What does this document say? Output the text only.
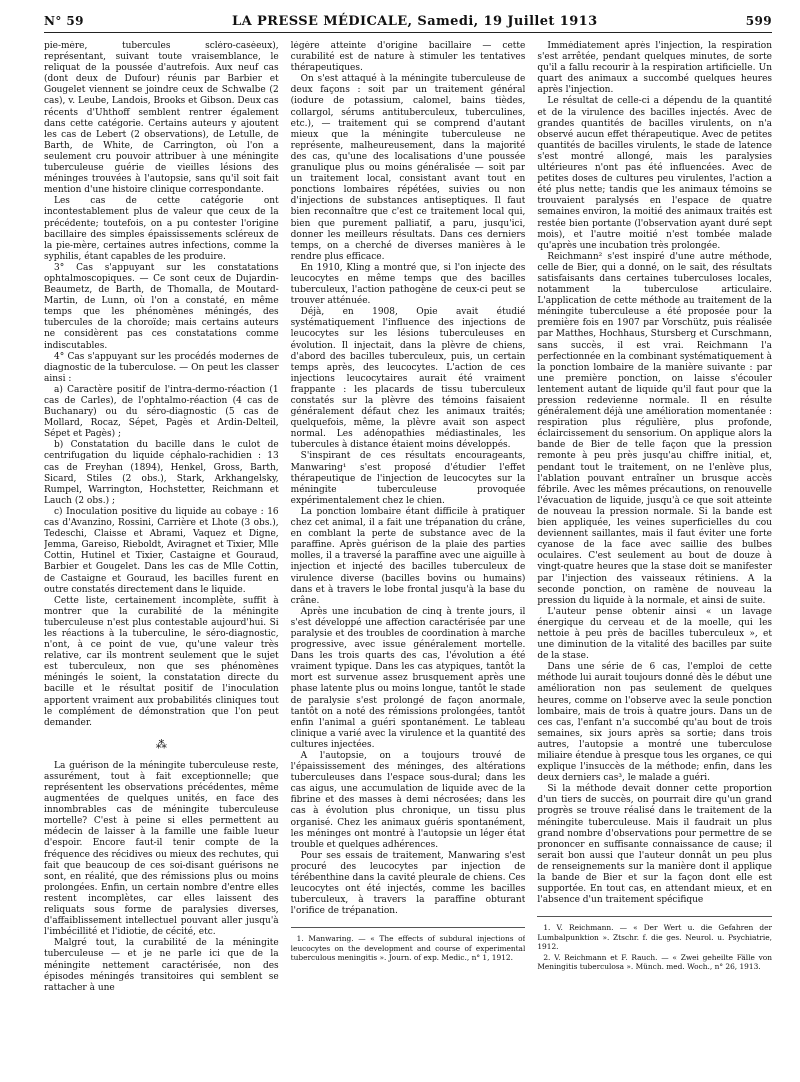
N° 59	LA PRESSE MÉDICALE, Samedi, 19 Juillet 1913	599

pie-mère, tubercules scléro-caséeux), représentant, suivant toute vraisemblance, le reliquat de la poussée d'autrefois. Aux neuf cas (dont deux de Dufour) réunis par Barbier et Gougelet viennent se joindre ceux de Schwalbe (2 cas), v. Leube, Landois, Brooks et Gibson. Deux cas récents d'Uhthoff semblent rentrer également dans cette catégorie. Certains auteurs y ajoutent les cas de Lebert (2 observations), de Letulle, de Barth, de White, de Carrington, où l'on a seulement cru pouvoir attribuer à une méningite tuberculeuse guérie de vieilles lésions des méninges trouvées à l'autopsie, sans qu'il soit fait mention d'une histoire clinique correspondante.

Les cas de cette catégorie ont incontestablement plus de valeur que ceux de la précédente; toutefois, on a pu contester l'origine bacillaire des simples épaississements scléreux de la pie-mère, certaines autres infections, comme la syphilis, étant capables de les produire.

3° Cas s'appuyant sur les constatations ophtalmoscopiques. — Ce sont ceux de Dujardin-Beaumetz, de Barth, de Thomalla, de Moutard-Martin, de Lunn, où l'on a constaté, en même temps que les phénomènes méningés, des tubercules de la choroïde; mais certains auteurs ne considèrent pas ces constatations comme indiscutables.

4° Cas s'appuyant sur les procédés modernes de diagnostic de la tuberculose. — On peut les classer ainsi :

a) Caractère positif de l'intra-dermo-réaction (1 cas de Carles), de l'ophtalmo-réaction (4 cas de Buchanary) ou du séro-diagnostic (5 cas de Mollard, Rocaz, Sépet, Pagès et Ardin-Delteil, Sépet et Pagès) ;

b) Constatation du bacille dans le culot de centrifugation du liquide céphalo-rachidien : 13 cas de Freyhan (1894), Henkel, Gross, Barth, Sicard, Stiles (2 obs.), Stark, Arkhangelsky, Rumpel, Warrington, Hochstetter, Reichmann et Lauch (2 obs.) ;

c) Inoculation positive du liquide au cobaye : 16 cas d'Avanzino, Rossini, Carrière et Lhote (3 obs.), Tedeschi, Claisse et Abrami, Vaquez et Digne, Jemma, Gareiso, Rieboldt, Aviragnet et Tixier, Mlle Cottin, Hutinel et Tixier, Castaigne et Gouraud, Barbier et Gougelet. Dans les cas de Mlle Cottin, de Castaigne et Gouraud, les bacilles furent en outre constatés directement dans le liquide.

Cette liste, certainement incomplète, suffit à montrer que la curabilité de la méningite tuberculeuse n'est plus contestable aujourd'hui. Si les réactions à la tuberculine, le séro-diagnostic, n'ont, à ce point de vue, qu'une valeur très relative, car ils montrent seulement que le sujet est tuberculeux, non que ses phénomènes méningés le soient, la constatation directe du bacille et le résultat positif de l'inoculation apportent vraiment aux probabilités cliniques tout le complément de démonstration que l'on peut demander.

⁂

La guérison de la méningite tuberculeuse reste, assurément, tout à fait exceptionnelle; que représentent les observations précédentes, même augmentées de quelques unités, en face des innombrables cas de méningite tuberculeuse mortelle? C'est à peine si elles permettent au médecin de laisser à la famille une faible lueur d'espoir. Encore faut-il tenir compte de la fréquence des récidives ou mieux des rechutes, qui fait que beaucoup de ces soi-disant guérisons ne sont, en réalité, que des rémissions plus ou moins prolongées. Enfin, un certain nombre d'entre elles restent incomplètes, car elles laissent des reliquats sous forme de paralysies diverses, d'affaiblissement intellectuel pouvant aller jusqu'à l'imbécillité et l'idiotie, de cécité, etc.

Malgré tout, la curabilité de la méningite tuberculeuse — et je ne parle ici que de la méningite nettement caractérisée, non des épisodes méningés transitoires qui semblent se rattacher à une

légère atteinte d'origine bacillaire — cette curabilité est de nature à stimuler les tentatives thérapeutiques.

On s'est attaqué à la méningite tuberculeuse de deux façons : soit par un traitement général (iodure de potassium, calomel, bains tièdes, collargol, sérums antituberculeux, tuberculines, etc.), — traitement qui se comprend d'autant mieux que la méningite tuberculeuse ne représente, malheureusement, dans la majorité des cas, qu'une des localisations d'une poussée granulique plus ou moins généralisée — soit par un traitement local, consistant avant tout en ponctions lombaires répétées, suivies ou non d'injections de substances antiseptiques. Il faut bien reconnaître que c'est ce traitement local qui, bien que purement palliatif, a paru, jusqu'ici, donner les meilleurs résultats. Dans ces derniers temps, on a cherché de diverses manières à le rendre plus efficace.

En 1910, Kling a montré que, si l'on injecte des leucocytes en même temps que des bacilles tuberculeux, l'action pathogène de ceux-ci peut se trouver atténuée.

Déjà, en 1908, Opie avait étudié systématiquement l'influence des injections de leucocytes sur les lésions tuberculeuses en évolution. Il injectait, dans la plèvre de chiens, d'abord des bacilles tuberculeux, puis, un certain temps après, des leucocytes. L'action de ces injections leucocytaires aurait été vraiment frappante : les placards de tissu tuberculeux constatés sur la plèvre des témoins faisaient généralement défaut chez les animaux traités; quelquefois, même, la plèvre avait son aspect normal. Les adénopathies médiastinales, les tubercules à distance étaient moins développés.

S'inspirant de ces résultats encourageants, Manwaring¹ s'est proposé d'étudier l'effet thérapeutique de l'injection de leucocytes sur la méningite tuberculeuse provoquée expérimentalement chez le chien.

La ponction lombaire étant difficile à pratiquer chez cet animal, il a fait une trépanation du crâne, en comblant la perte de substance avec de la paraffine. Après guérison de la plaie des parties molles, il a traversé la paraffine avec une aiguille à injection et injecté des bacilles tuberculeux de virulence diverse (bacilles bovins ou humains) dans et à travers le lobe frontal jusqu'à la base du crâne.

Après une incubation de cinq à trente jours, il s'est développé une affection caractérisée par une paralysie et des troubles de coordination à marche progressive, avec issue généralement mortelle. Dans les trois quarts des cas, l'évolution a été vraiment typique. Dans les cas atypiques, tantôt la mort est survenue assez brusquement après une phase latente plus ou moins longue, tantôt le stade de paralysie s'est prolongé de façon anormale, tantôt on a noté des rémissions prolongées, tantôt enfin l'animal a guéri spontanément. Le tableau clinique a varié avec la virulence et la quantité des cultures injectées.

A l'autopsie, on a toujours trouvé de l'épaississement des méninges, des altérations tuberculeuses dans l'espace sous-dural; dans les cas aigus, une accumulation de liquide avec de la fibrine et des masses à demi nécrosées; dans les cas à évolution plus chronique, un tissu plus organisé. Chez les animaux guéris spontanément, les méninges ont montré à l'autopsie un léger état trouble et quelques adhérences.

Pour ses essais de traitement, Manwaring s'est procuré des leucocytes par injection de térébenthine dans la cavité pleurale de chiens. Ces leucocytes ont été injectés, comme les bacilles tuberculeux, à travers la paraffine obturant l'orifice de trépanation.

1. Manwaring. — « The effects of subdural injections of leucocytes on the development and course of experimental tuberculous meningitis ». Journ. of exp. Medic., n° 1, 1912.

Immédiatement après l'injection, la respiration s'est arrêtée, pendant quelques minutes, de sorte qu'il a fallu recourir à la respiration artificielle. Un quart des animaux a succombé quelques heures après l'injection.

Le résultat de celle-ci a dépendu de la quantité et de la virulence des bacilles injectés. Avec de grandes quantités de bacilles virulents, on n'a observé aucun effet thérapeutique. Avec de petites quantités de bacilles virulents, le stade de latence s'est montré allongé, mais les paralysies ultérieures n'ont pas été influencées. Avec de petites doses de cultures peu virulentes, l'action a été plus nette; tandis que les animaux témoins se trouvaient paralysés en l'espace de quatre semaines environ, la moitié des animaux traités est restée bien portante (l'observation ayant duré sept mois), et l'autre moitié n'est tombée malade qu'après une incubation très prolongée.

Reichmann² s'est inspiré d'une autre méthode, celle de Bier, qui a donné, on le sait, des résultats satisfaisants dans certaines tuberculoses locales, notamment la tuberculose articulaire. L'application de cette méthode au traitement de la méningite tuberculeuse a été proposée pour la première fois en 1907 par Vorschütz, puis réalisée par Matthes, Hochhaus, Stursberg et Curschmann, sans succès, il est vrai. Reichmann l'a perfectionnée en la combinant systématiquement à la ponction lombaire de la manière suivante : par une première ponction, on laisse s'écouler lentement autant de liquide qu'il faut pour que la pression redevienne normale. Il en résulte généralement déjà une amélioration momentanée : respiration plus régulière, plus profonde, éclaircissement du sensorium. On applique alors la bande de Bier de telle façon que la pression remonte à peu près jusqu'au chiffre initial, et, pendant tout le traitement, on ne l'enlève plus, l'ablation pouvant entraîner un brusque accès fébrile. Avec les mêmes précautions, on renouvelle l'évacuation de liquide, jusqu'à ce que soit atteinte de nouveau la pression normale. Si la bande est bien appliquée, les veines superficielles du cou deviennent saillantes, mais il faut éviter une forte cyanose de la face avec saillie des bulbes oculaires. C'est seulement au bout de douze à vingt-quatre heures que la stase doit se manifester par l'injection des vaisseaux rétiniens. A la seconde ponction, on ramène de nouveau la pression du liquide à la normale, et ainsi de suite.

L'auteur pense obtenir ainsi « un lavage énergique du cerveau et de la moelle, qui les nettoie à peu près de bacilles tuberculeux », et une diminution de la vitalité des bacilles par suite de la stase.

Dans une série de 6 cas, l'emploi de cette méthode lui aurait toujours donné dès le début une amélioration non pas seulement de quelques heures, comme on l'observe avec la seule ponction lombaire, mais de trois à quatre jours. Dans un de ces cas, l'enfant n'a succombé qu'au bout de trois semaines, six jours après sa sortie; dans trois autres, l'autopsie a montré une tuberculose miliaire étendue à presque tous les organes, ce qui explique l'insuccès de la méthode; enfin, dans les deux derniers cas³, le malade a guéri.

Si la méthode devait donner cette proportion d'un tiers de succès, on pourrait dire qu'un grand progrès se trouve réalisé dans le traitement de la méningite tuberculeuse. Mais il faudrait un plus grand nombre d'observations pour permettre de se prononcer en suffisante connaissance de cause; il serait bon aussi que l'auteur donnât un peu plus de renseignements sur la manière dont il applique la bande de Bier et sur la façon dont elle est supportée. En tout cas, en attendant mieux, et en l'absence d'un traitement spécifique

1. V. Reichmann. — « Der Wert u. die Gefahren der Lumbalpunktion ». Ztschr. f. die ges. Neurol. u. Psychiatrie, 1912.

2. V. Reichmann et F. Rauch. — « Zwei geheilte Fälle von Meningitis tuberculosa ». Münch. med. Woch., n° 26, 1913.
